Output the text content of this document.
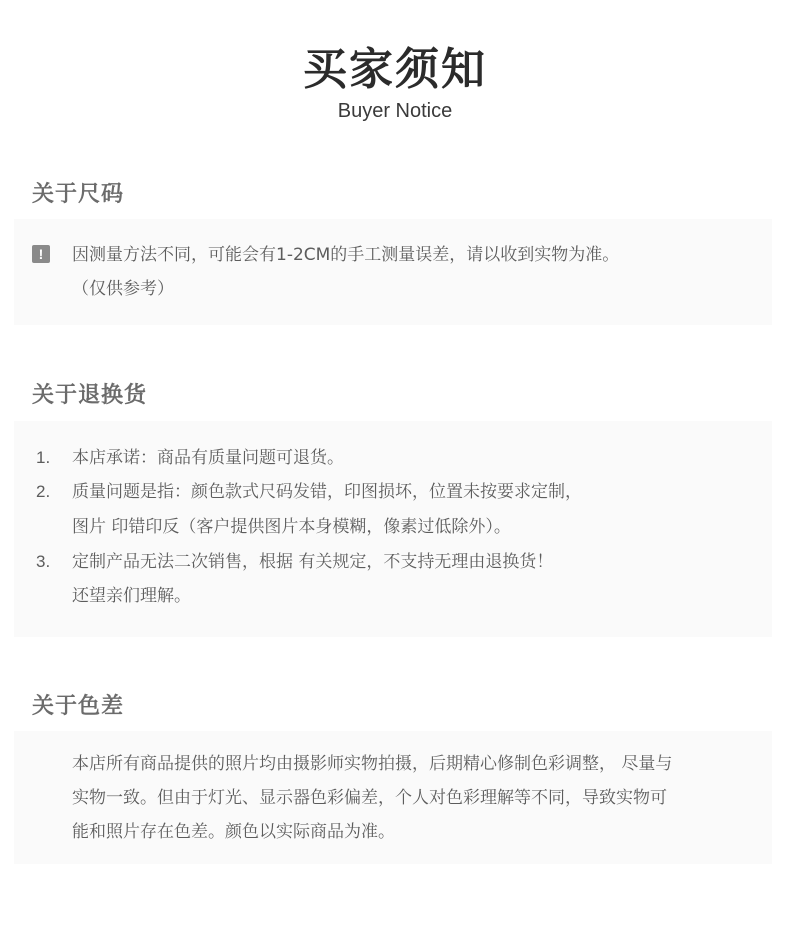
买家须知
Buyer Notice
关于尺码
!	因测量方法不同，可能会有1-2CM的手工测量误差，请以收到实物为准。
（仅供参考）
关于退换货
1. 本店承诺：商品有质量问题可退货。
2. 质量问题是指：颜色款式尺码发错，印图损坏，位置未按要求定制，
图片 印错印反（客户提供图片本身模糊，像素过低除外）。
3. 定制产品无法二次销售，根据 有关规定，不支持无理由退换货！
还望亲们理解。
关于色差
本店所有商品提供的照片均由摄影师实物拍摄，后期精心修制色彩调整， 尽量与
实物一致。但由于灯光、显示器色彩偏差，个人对色彩理解等不同，导致实物可
能和照片存在色差。颜色以实际商品为准。
